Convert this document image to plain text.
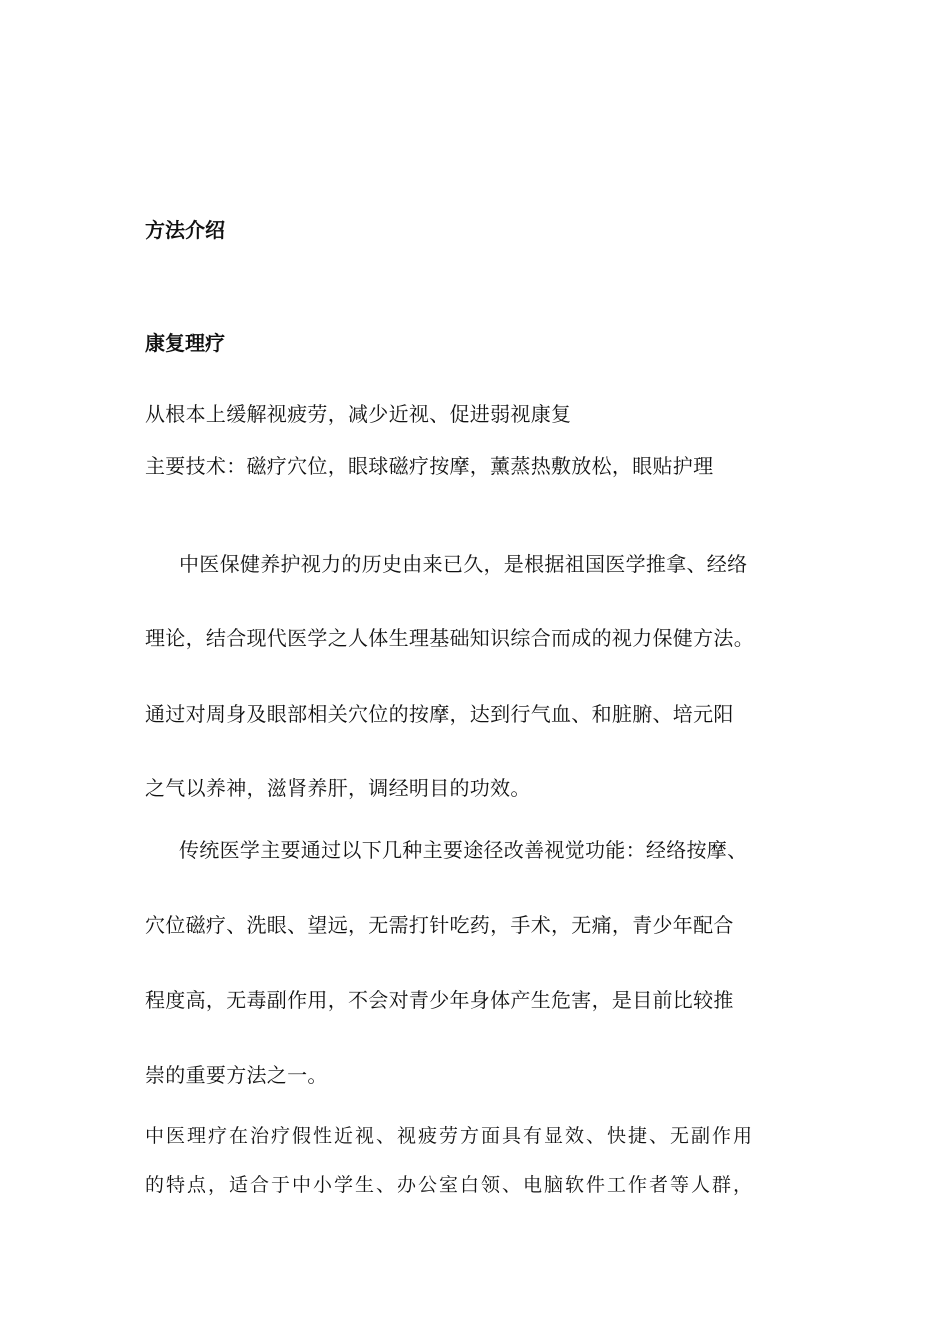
方法介绍
康复理疗
从根本上缓解视疲劳，减少近视、促进弱视康复
主要技术：磁疗穴位，眼球磁疗按摩，薰蒸热敷放松，眼贴护理
中医保健养护视力的历史由来已久，是根据祖国医学推拿、经络
理论，结合现代医学之人体生理基础知识综合而成的视力保健方法。
通过对周身及眼部相关穴位的按摩，达到行气血、和脏腑、培元阳
之气以养神，滋肾养肝，调经明目的功效。
传统医学主要通过以下几种主要途径改善视觉功能：经络按摩、
穴位磁疗、洗眼、望远，无需打针吃药，手术，无痛，青少年配合
程度高，无毒副作用，不会对青少年身体产生危害，是目前比较推
崇的重要方法之一。
中医理疗在治疗假性近视、视疲劳方面具有显效、快捷、无副作用
的特点，适合于中小学生、办公室白领、电脑软件工作者等人群，
